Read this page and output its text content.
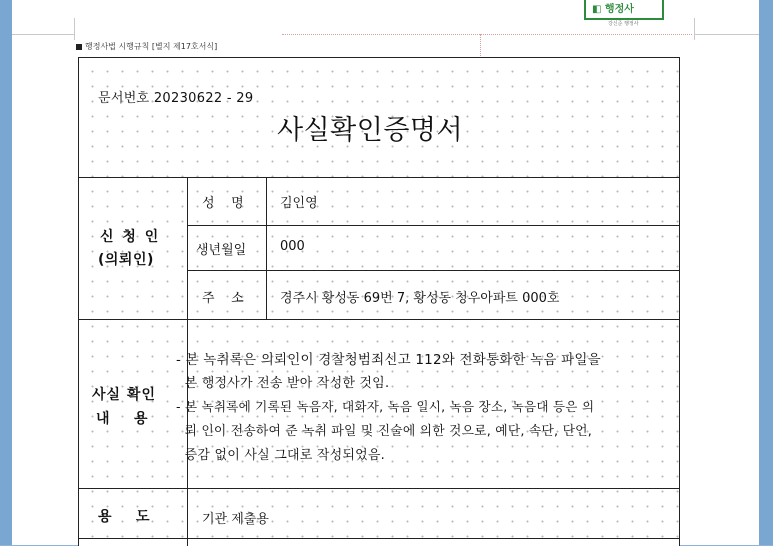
◧ 행정사
강신준 행정사
행정사법 시행규칙 [별지 제17호서식]
문서번호 20230622 - 29
사실확인증명서
신 청 인
(의뢰인)
성    명	김인영
생년월일	000
주    소	경주시 황성동 69번 7, 황성동 청우아파트 000호
사실 확인
내    용
- 본 녹취록은 의뢰인이 경찰청범죄신고 112와 전화통화한 녹음 파일을
본 행정사가 전송 받아 작성한 것임.
- 본 녹취록에 기록된 녹음자, 대화자, 녹음 일시, 녹음 장소, 녹음대 등은 의
뢰 인이 전송하여 준 녹취 파일 및 진술에 의한 것으로, 예단, 속단, 단언,
증감 없이 사실 그대로 작성되었음.
용    도	기관 제출용
